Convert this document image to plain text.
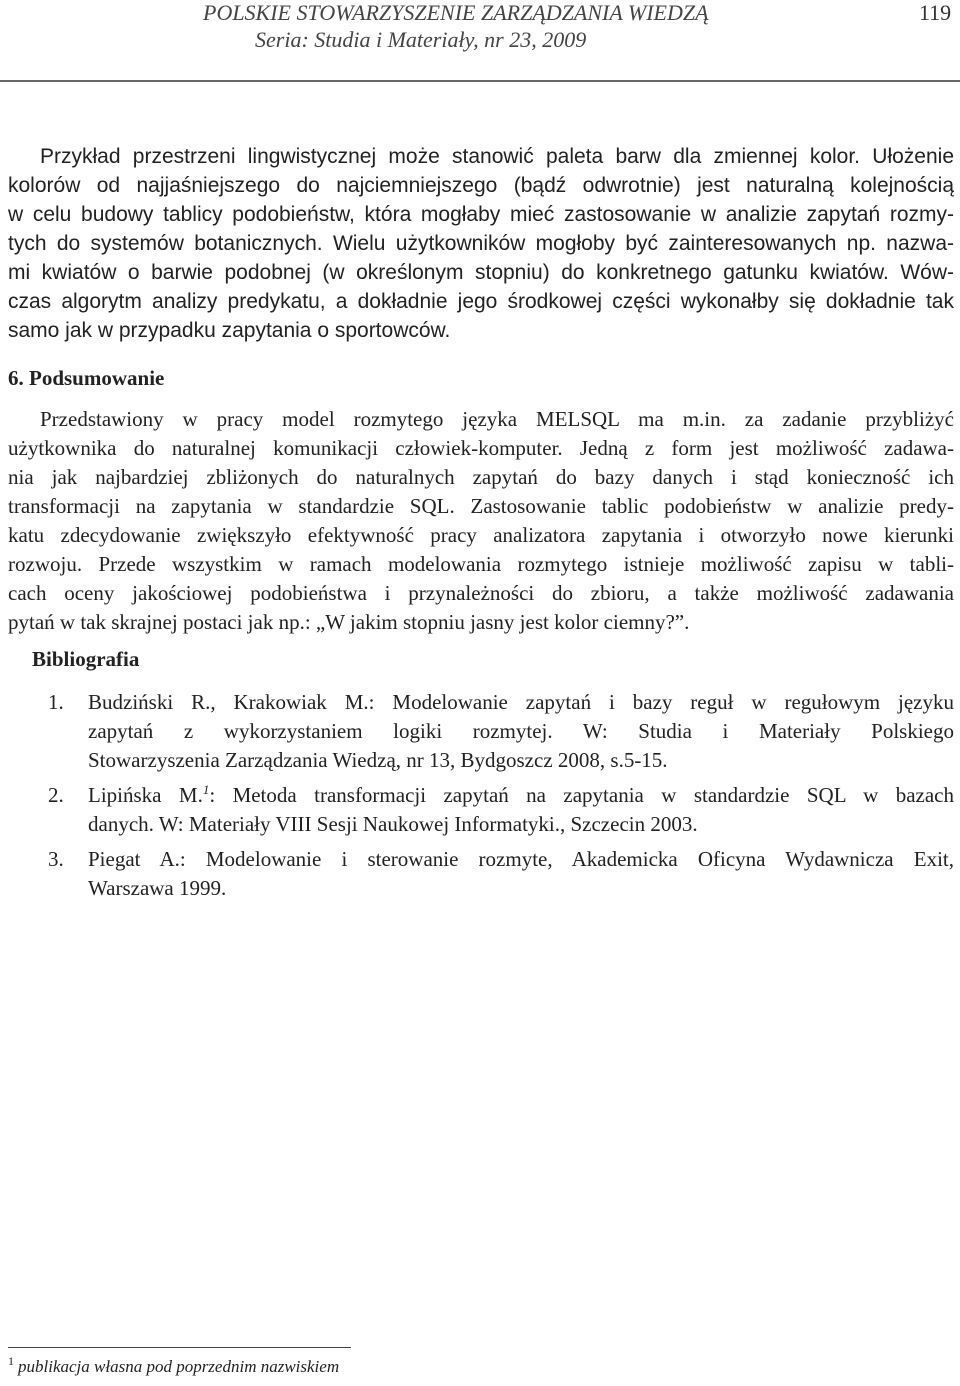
POLSKIE STOWARZYSZENIE ZARZĄDZANIA WIEDZĄ
Seria: Studia i Materiały, nr 23, 2009
119
Przykład przestrzeni lingwistycznej może stanowić paleta barw dla zmiennej kolor. Ułożenie
kolorów od najjaśniejszego do najciemniejszego (bądź odwrotnie) jest naturalną kolejnością
w celu budowy tablicy podobieństw, która mogłaby mieć zastosowanie w analizie zapytań rozmy-
tych do systemów botanicznych. Wielu użytkowników mogłoby być zainteresowanych np. nazwa-
mi kwiatów o barwie podobnej (w określonym stopniu) do konkretnego gatunku kwiatów. Wów-
czas algorytm analizy predykatu, a dokładnie jego środkowej części wykonałby się dokładnie tak
samo jak w przypadku zapytania o sportowców.
6. Podsumowanie
Przedstawiony w pracy model rozmytego języka MELSQL ma m.in. za zadanie przybliżyć
użytkownika do naturalnej komunikacji człowiek-komputer. Jedną z form jest możliwość zadawa-
nia jak najbardziej zbliżonych do naturalnych zapytań do bazy danych i stąd konieczność ich
transformacji na zapytania w standardzie SQL. Zastosowanie tablic podobieństw w analizie predy-
katu zdecydowanie zwiększyło efektywność pracy analizatora zapytania i otworzyło nowe kierunki
rozwoju. Przede wszystkim w ramach modelowania rozmytego istnieje możliwość zapisu w tabli-
cach oceny jakościowej podobieństwa i przynależności do zbioru, a także możliwość zadawania
pytań w tak skrajnej postaci jak np.: „W jakim stopniu jasny jest kolor ciemny?”.
Bibliografia
1. Budziński R., Krakowiak M.: Modelowanie zapytań i bazy reguł w regułowym języku
zapytań z wykorzystaniem logiki rozmytej. W: Studia i Materiały Polskiego
Stowarzyszenia Zarządzania Wiedzą, nr 13, Bydgoszcz 2008, s.5-15.
2. Lipińska M.$^1$: Metoda transformacji zapytań na zapytania w standardzie SQL w bazach
danych. W: Materiały VIII Sesji Naukowej Informatyki., Szczecin 2003.
3. Piegat A.: Modelowanie i sterowanie rozmyte, Akademicka Oficyna Wydawnicza Exit,
Warszawa 1999.
$^1$ publikacja własna pod poprzednim nazwiskiem
